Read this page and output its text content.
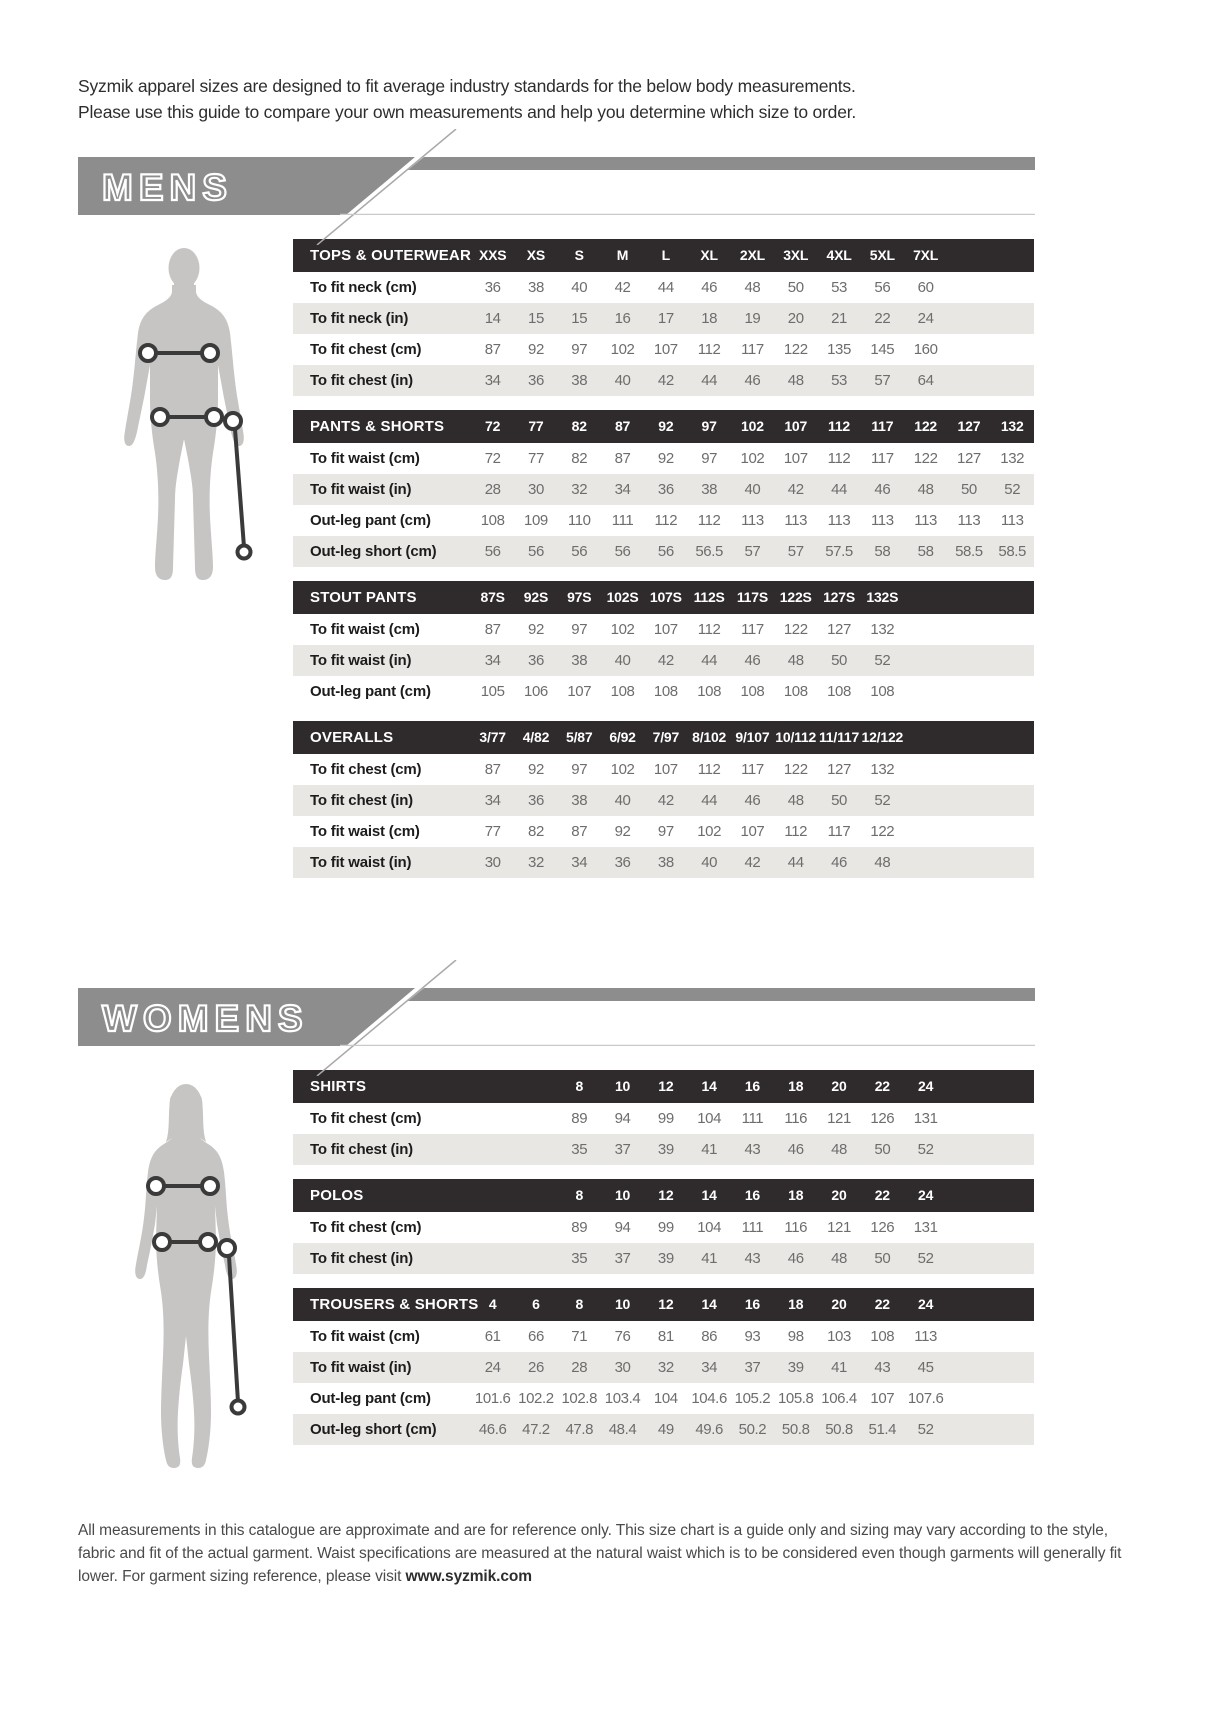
Syzmik apparel sizes are designed to fit average industry standards for the below body measurements.
Please use this guide to compare your own measurements and help you determine which size to order.
MENS
TOPS & OUTERWEAR XXS	XS	S	M	L	XL	2XL	3XL	4XL	5XL	7XL
To fit neck (cm)	36	38	40	42	44	46	48	50	53	56	60
To fit neck (in)	14	15	15	16	17	18	19	20	21	22	24
To fit chest (cm)	87	92	97	102	107	112	117	122	135	145	160
To fit chest (in)	34	36	38	40	42	44	46	48	53	57	64
PANTS & SHORTS	72	77	82	87	92	97	102	107	112	117	122	127	132
To fit waist (cm)	72	77	82	87	92	97	102	107	112	117	122	127	132
To fit waist (in)	28	30	32	34	36	38	40	42	44	46	48	50	52
Out-leg pant (cm)	108	109	110	111	112	112	113	113	113	113	113	113	113
Out-leg short (cm)	56	56	56	56	56	56.5	57	57	57.5	58	58	58.5	58.5
STOUT PANTS	87S	92S	97S	102S 107S 112S 117S 122S 127S 132S
To fit waist (cm)	87	92	97	102	107	112	117	122	127	132
To fit waist (in)	34	36	38	40	42	44	46	48	50	52
Out-leg pant (cm)	105	106	107	108	108	108	108	108	108	108
OVERALLS	3/77	4/82	5/87	6/92	7/97 8/102 9/107 10/112 11/117 12/122
To fit chest (cm)	87	92	97	102	107	112	117	122	127	132
To fit chest (in)	34	36	38	40	42	44	46	48	50	52
To fit waist (cm)	77	82	87	92	97	102	107	112	117	122
To fit waist (in)	30	32	34	36	38	40	42	44	46	48
WOMENS
SHIRTS	8	10	12	14	16	18	20	22	24
To fit chest (cm)	89	94	99	104	111	116	121	126	131
To fit chest (in)	35	37	39	41	43	46	48	50	52
POLOS	8	10	12	14	16	18	20	22	24
To fit chest (cm)	89	94	99	104	111	116	121	126	131
To fit chest (in)	35	37	39	41	43	46	48	50	52
TROUSERS & SHORTS 4	6	8	10	12	14	16	18	20	22	24
To fit waist (cm)	61	66	71	76	81	86	93	98	103	108	113
To fit waist (in)	24	26	28	30	32	34	37	39	41	43	45
Out-leg pant (cm)	101.6 102.2 102.8 103.4 104 104.6 105.2 105.8 106.4 107 107.6
Out-leg short (cm)	46.6	47.2	47.8	48.4	49	49.6	50.2	50.8	50.8	51.4	52

All measurements in this catalogue are approximate and are for reference only. This size chart is a guide only and sizing may vary according to the style, fabric and fit of the actual garment. Waist specifications are measured at the natural waist which is to be considered even though garments will generally fit lower. For garment sizing reference, please visit www.syzmik.com
